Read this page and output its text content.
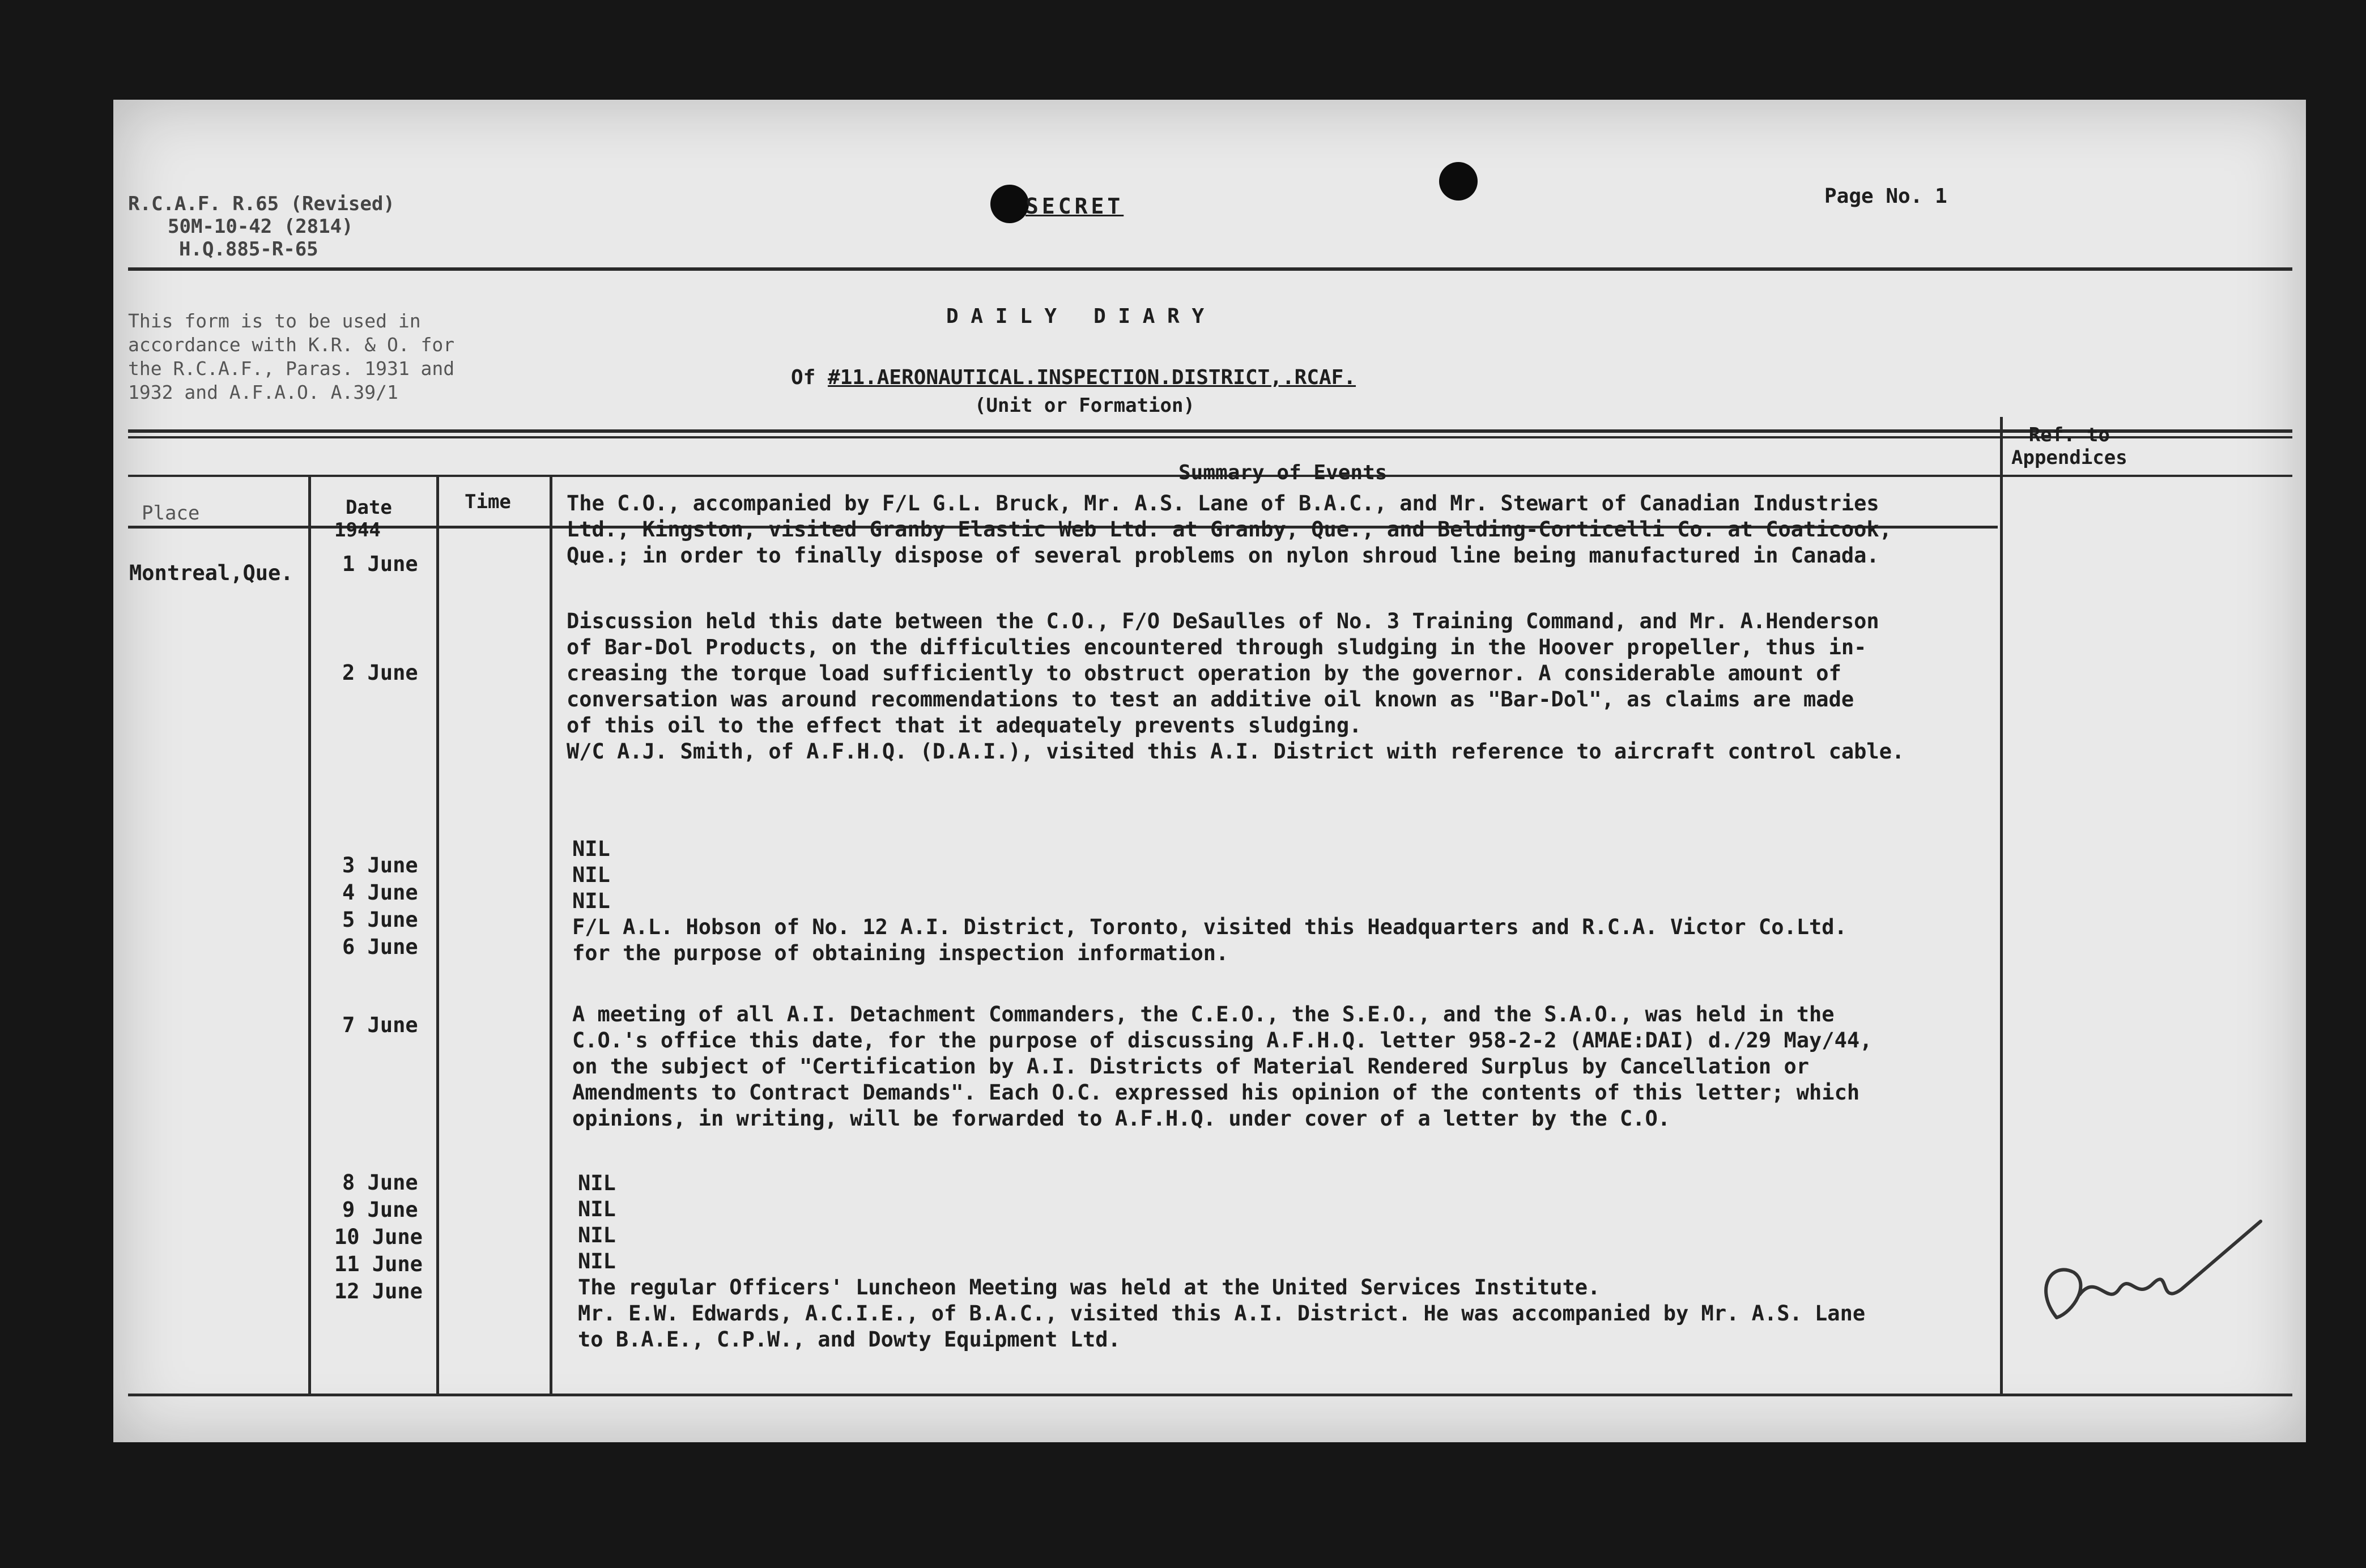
R.C.A.F. R.65 (Revised)
50M-10-42 (2814)
H.Q.885-R-65
SECRET	Page No. 1
This form is to be used in
accordance with K.R. & O. for
the R.C.A.F., Paras. 1931 and
1932 and A.F.A.O. A.39/1
D A I L Y   D I A R Y
Of #11.AERONAUTICAL.INSPECTION.DISTRICT,.RCAF.
(Unit or Formation)
Place	Date
1944
Time
Summary of Events
Ref. to
Appendices
Montreal,Que. 1 June
2 June
3 June
4 June
5 June
6 June
7 June
8 June
9 June
10 June
11 June
12 June
The C.O., accompanied by F/L G.L. Bruck, Mr. A.S. Lane of B.A.C., and Mr. Stewart of Canadian Industries
Ltd., Kingston, visited Granby Elastic Web Ltd. at Granby, Que., and Belding-Corticelli Co. at Coaticook,
Que.; in order to finally dispose of several problems on nylon shroud line being manufactured in Canada.
Discussion held this date between the C.O., F/O DeSaulles of No. 3 Training Command, and Mr. A.Henderson
of Bar-Dol Products, on the difficulties encountered through sludging in the Hoover propeller, thus in-
creasing the torque load sufficiently to obstruct operation by the governor. A considerable amount of
conversation was around recommendations to test an additive oil known as "Bar-Dol", as claims are made
of this oil to the effect that it adequately prevents sludging.
W/C A.J. Smith, of A.F.H.Q. (D.A.I.), visited this A.I. District with reference to aircraft control cable.
NIL
NIL
NIL
F/L A.L. Hobson of No. 12 A.I. District, Toronto, visited this Headquarters and R.C.A. Victor Co.Ltd.
for the purpose of obtaining inspection information.
A meeting of all A.I. Detachment Commanders, the C.E.O., the S.E.O., and the S.A.O., was held in the
C.O.'s office this date, for the purpose of discussing A.F.H.Q. letter 958-2-2 (AMAE:DAI) d./29 May/44,
on the subject of "Certification by A.I. Districts of Material Rendered Surplus by Cancellation or
Amendments to Contract Demands". Each O.C. expressed his opinion of the contents of this letter; which
opinions, in writing, will be forwarded to A.F.H.Q. under cover of a letter by the C.O.
NIL
NIL
NIL
NIL
The regular Officers' Luncheon Meeting was held at the United Services Institute.
Mr. E.W. Edwards, A.C.I.E., of B.A.C., visited this A.I. District. He was accompanied by Mr. A.S. Lane
to B.A.E., C.P.W., and Dowty Equipment Ltd.
